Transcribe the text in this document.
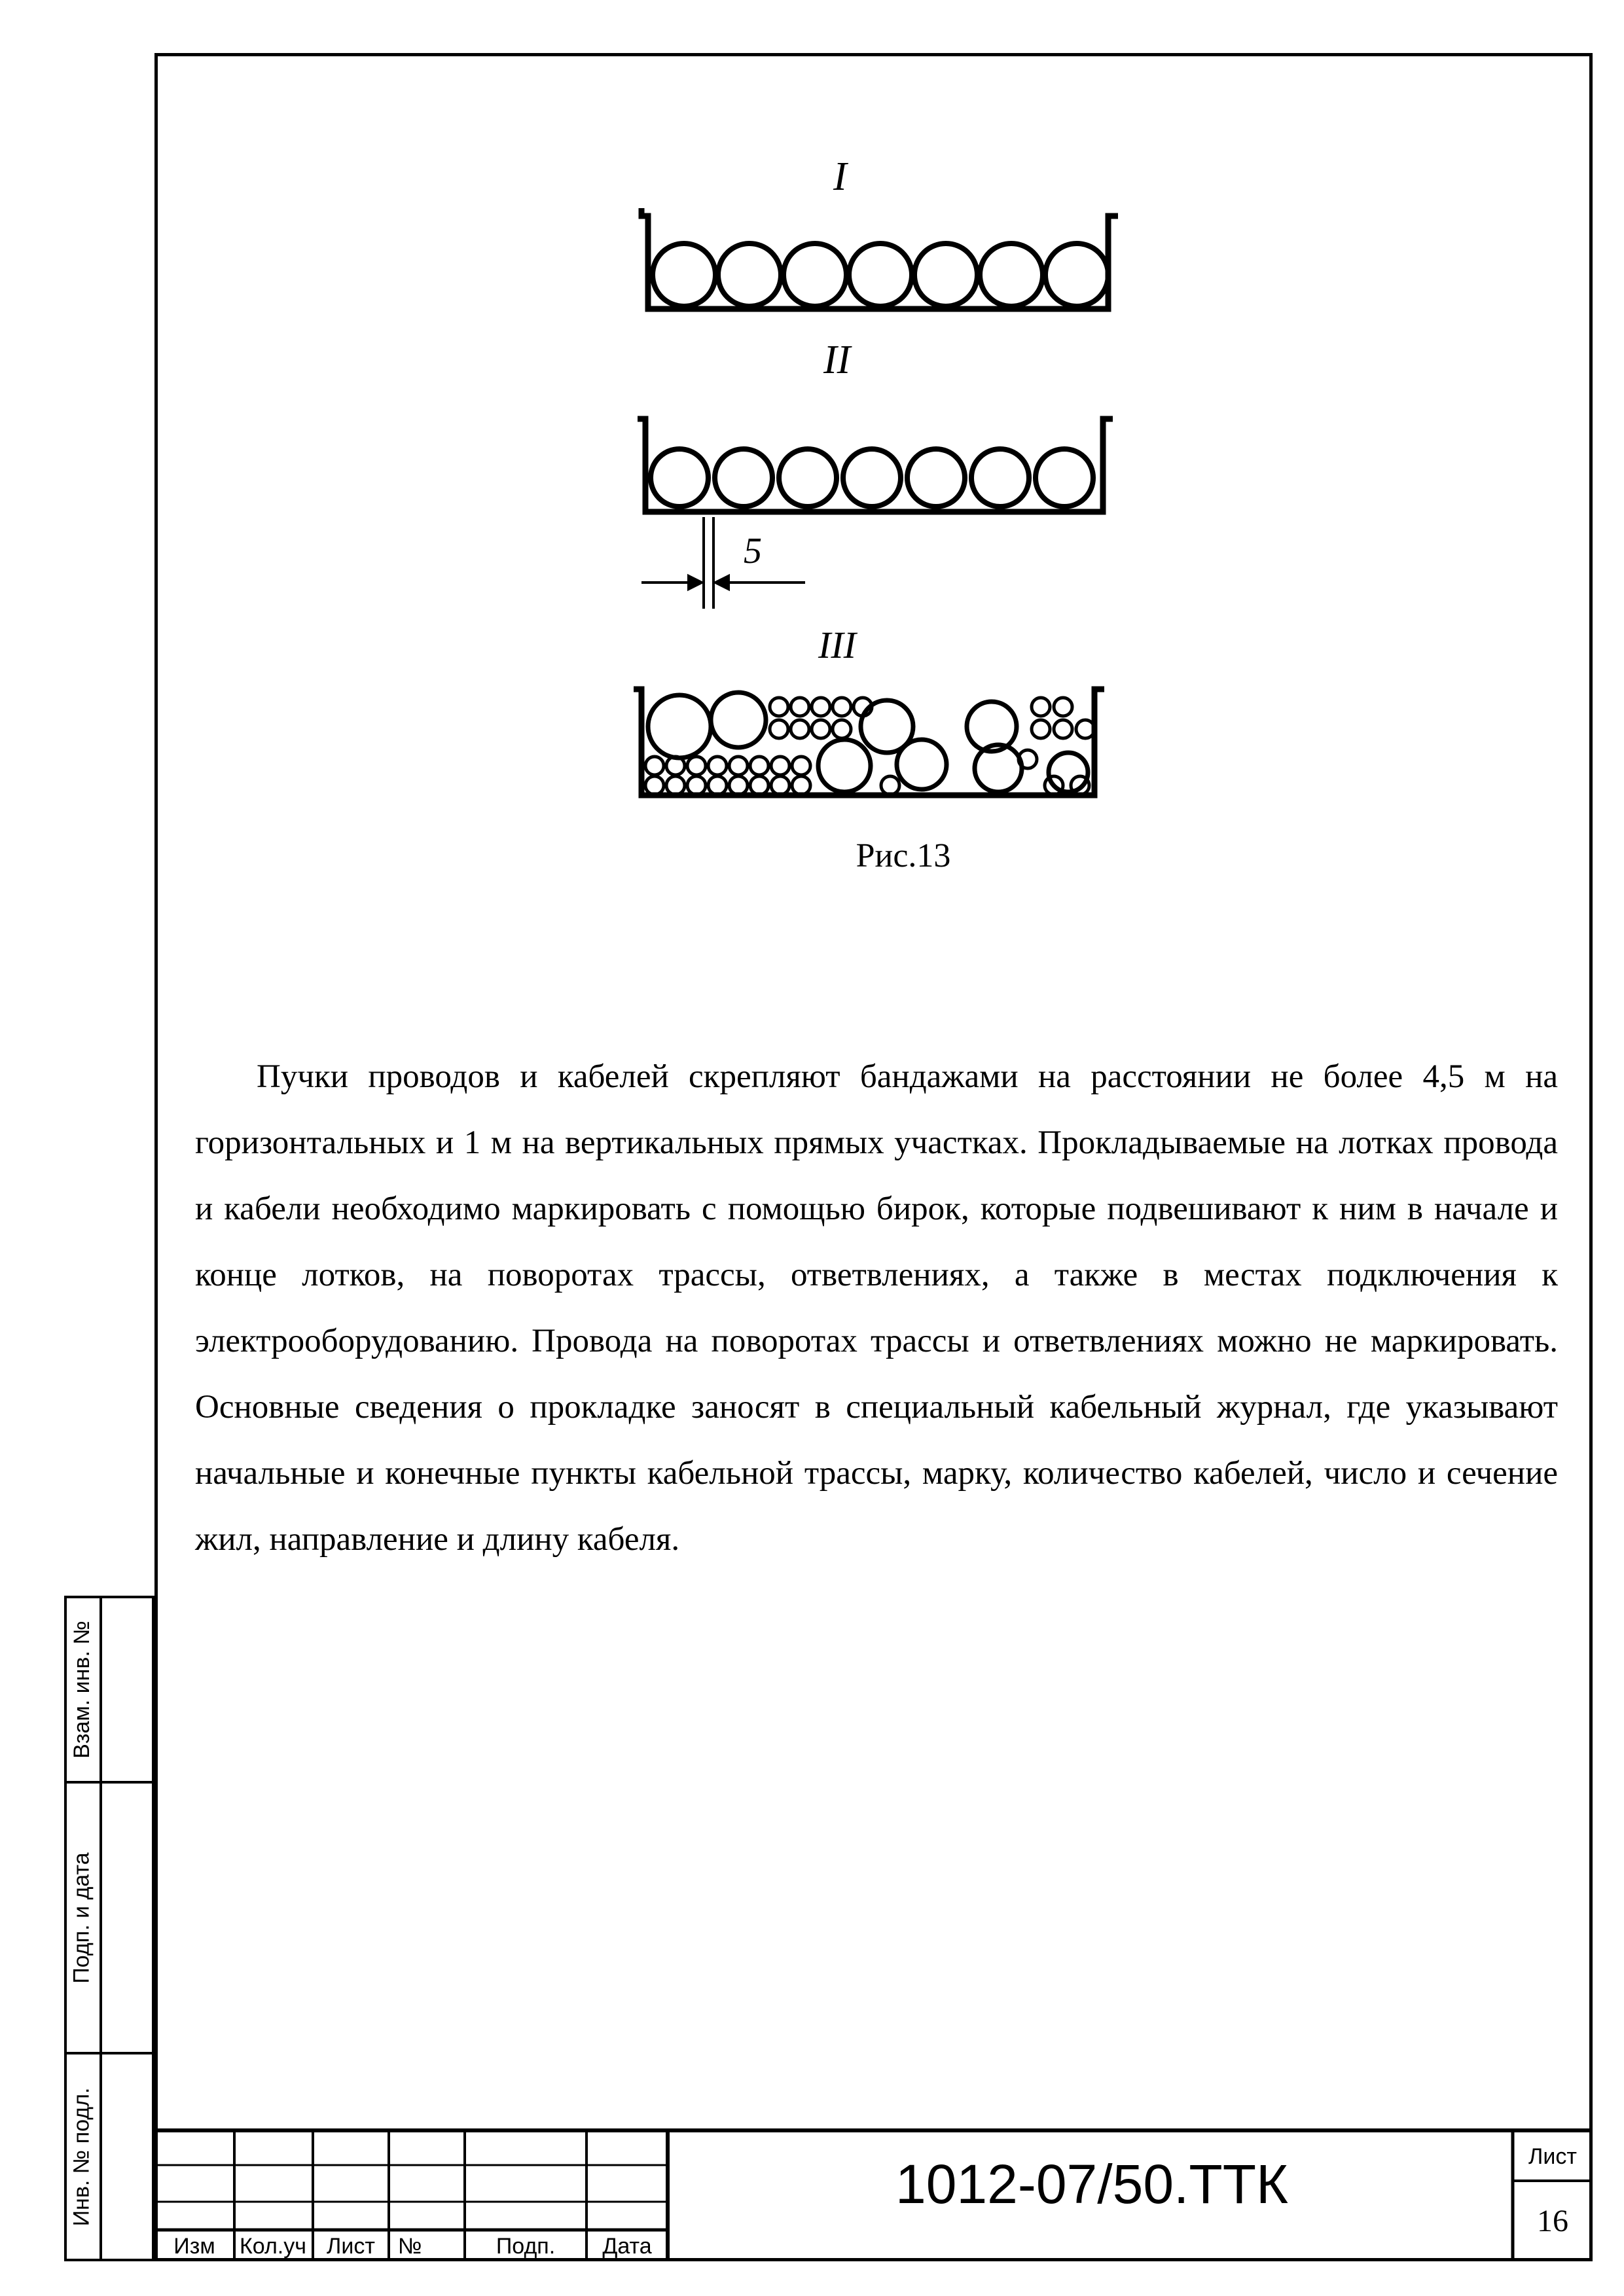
I
II
5
III
Рис.13

Пучки проводов и кабелей скрепляют бандажами на расстоянии не более 4,5 м на горизонтальных и 1 м на вертикальных прямых участках. Прокладываемые на лотках провода и кабели необходимо маркировать с помощью бирок, которые подвешивают к ним в начале и конце лотков, на поворотах трассы, ответвлениях, а также в местах подключения к электрооборудованию. Провода на поворотах трассы и ответвлениях можно не маркировать. Основные сведения о прокладке заносят в специальный кабельный журнал, где указывают начальные и конечные пункты кабельной трассы, марку, количество кабелей, число и сечение жил, направление и длину кабеля.

Взам. инв. №
Подп. и дата
Инв. № подл.
Изм	Кол.уч Лист	№	Подп.	Дата
1012-07/50.ТТК	Лист
16
